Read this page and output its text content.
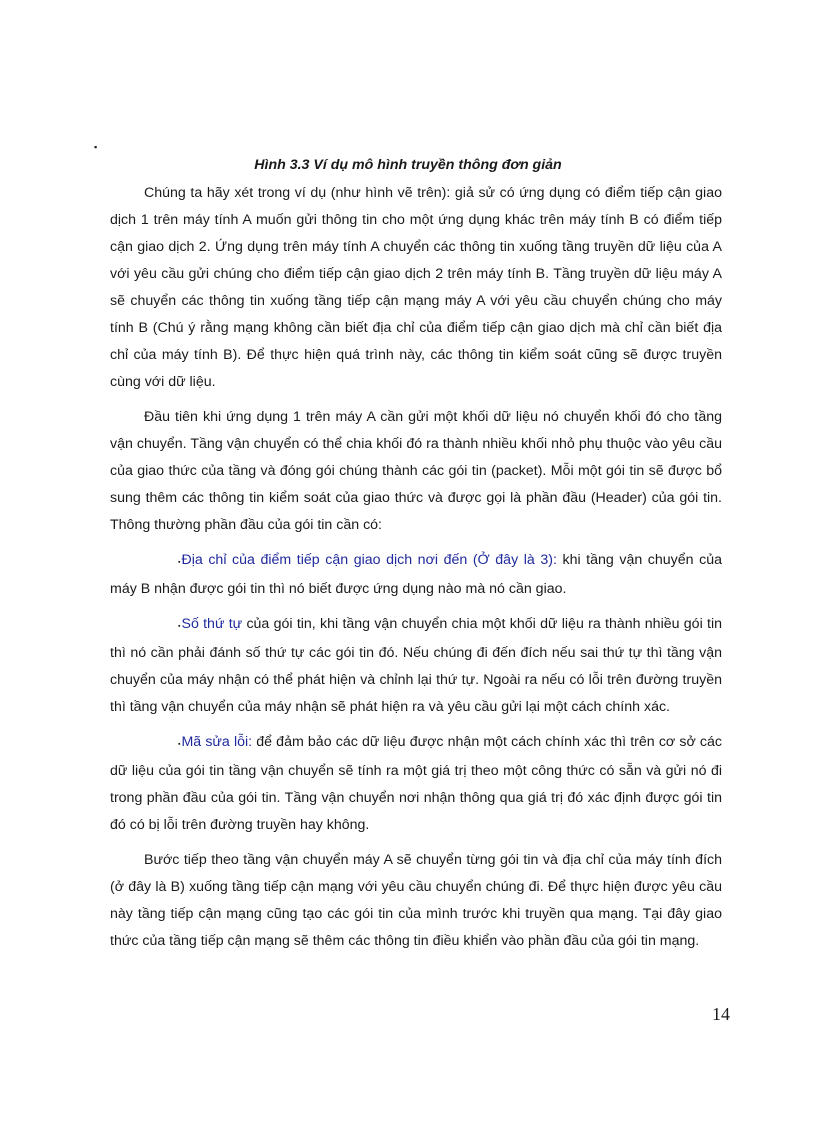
▪
Hình 3.3 Ví dụ mô hình truyền thông đơn giản

Chúng ta hãy xét trong ví dụ (như hình vẽ trên): giả sử có ứng dụng có điểm tiếp cận giao dịch 1 trên máy tính A muốn gửi thông tin cho một ứng dụng khác trên máy tính B có điểm tiếp cận giao dịch 2. Ứng dụng trên máy tính A chuyển các thông tin xuống tầng truyền dữ liệu của A với yêu cầu gửi chúng cho điểm tiếp cận giao dịch 2 trên máy tính B. Tầng truyền dữ liệu máy A sẽ chuyển các thông tin xuống tầng tiếp cận mạng máy A với yêu cầu chuyển chúng cho máy tính B (Chú ý rằng mạng không cần biết địa chỉ của điểm tiếp cận giao dịch mà chỉ cần biết địa chỉ của máy tính B). Để thực hiện quá trình này, các thông tin kiểm soát cũng sẽ được truyền cùng với dữ liệu.

Đầu tiên khi ứng dụng 1 trên máy A cần gửi một khối dữ liệu nó chuyển khối đó cho tầng vận chuyển. Tầng vận chuyển có thể chia khối đó ra thành nhiều khối nhỏ phụ thuộc vào yêu cầu của giao thức của tầng và đóng gói chúng thành các gói tin (packet). Mỗi một gói tin sẽ được bổ sung thêm các thông tin kiểm soát của giao thức và được gọi là phần đầu (Header) của gói tin. Thông thường phần đầu của gói tin cần có:

▪Địa chỉ của điểm tiếp cận giao dịch nơi đến (Ở đây là 3): khi tầng vận chuyển của máy B nhận được gói tin thì nó biết được ứng dụng nào mà nó cần giao.

▪Số thứ tự của gói tin, khi tầng vận chuyển chia một khối dữ liệu ra thành nhiều gói tin thì nó cần phải đánh số thứ tự các gói tin đó. Nếu chúng đi đến đích nếu sai thứ tự thì tầng vận chuyển của máy nhận có thể phát hiện và chỉnh lại thứ tự. Ngoài ra nếu có lỗi trên đường truyền thì tầng vận chuyển của máy nhận sẽ phát hiện ra và yêu cầu gửi lại một cách chính xác.

▪Mã sửa lỗi: để đảm bảo các dữ liệu được nhận một cách chính xác thì trên cơ sở các dữ liệu của gói tin tầng vận chuyển sẽ tính ra một giá trị theo một công thức có sẵn và gửi nó đi trong phần đầu của gói tin. Tầng vận chuyển nơi nhận thông qua giá trị đó xác định được gói tin đó có bị lỗi trên đường truyền hay không.

Bước tiếp theo tầng vận chuyển máy A sẽ chuyển từng gói tin và địa chỉ của máy tính đích (ở đây là B) xuống tầng tiếp cận mạng với yêu cầu chuyển chúng đi. Để thực hiện được yêu cầu này tầng tiếp cận mạng cũng tạo các gói tin của mình trước khi truyền qua mạng. Tại đây giao thức của tầng tiếp cận mạng sẽ thêm các thông tin điều khiển vào phần đầu của gói tin mạng.

14
